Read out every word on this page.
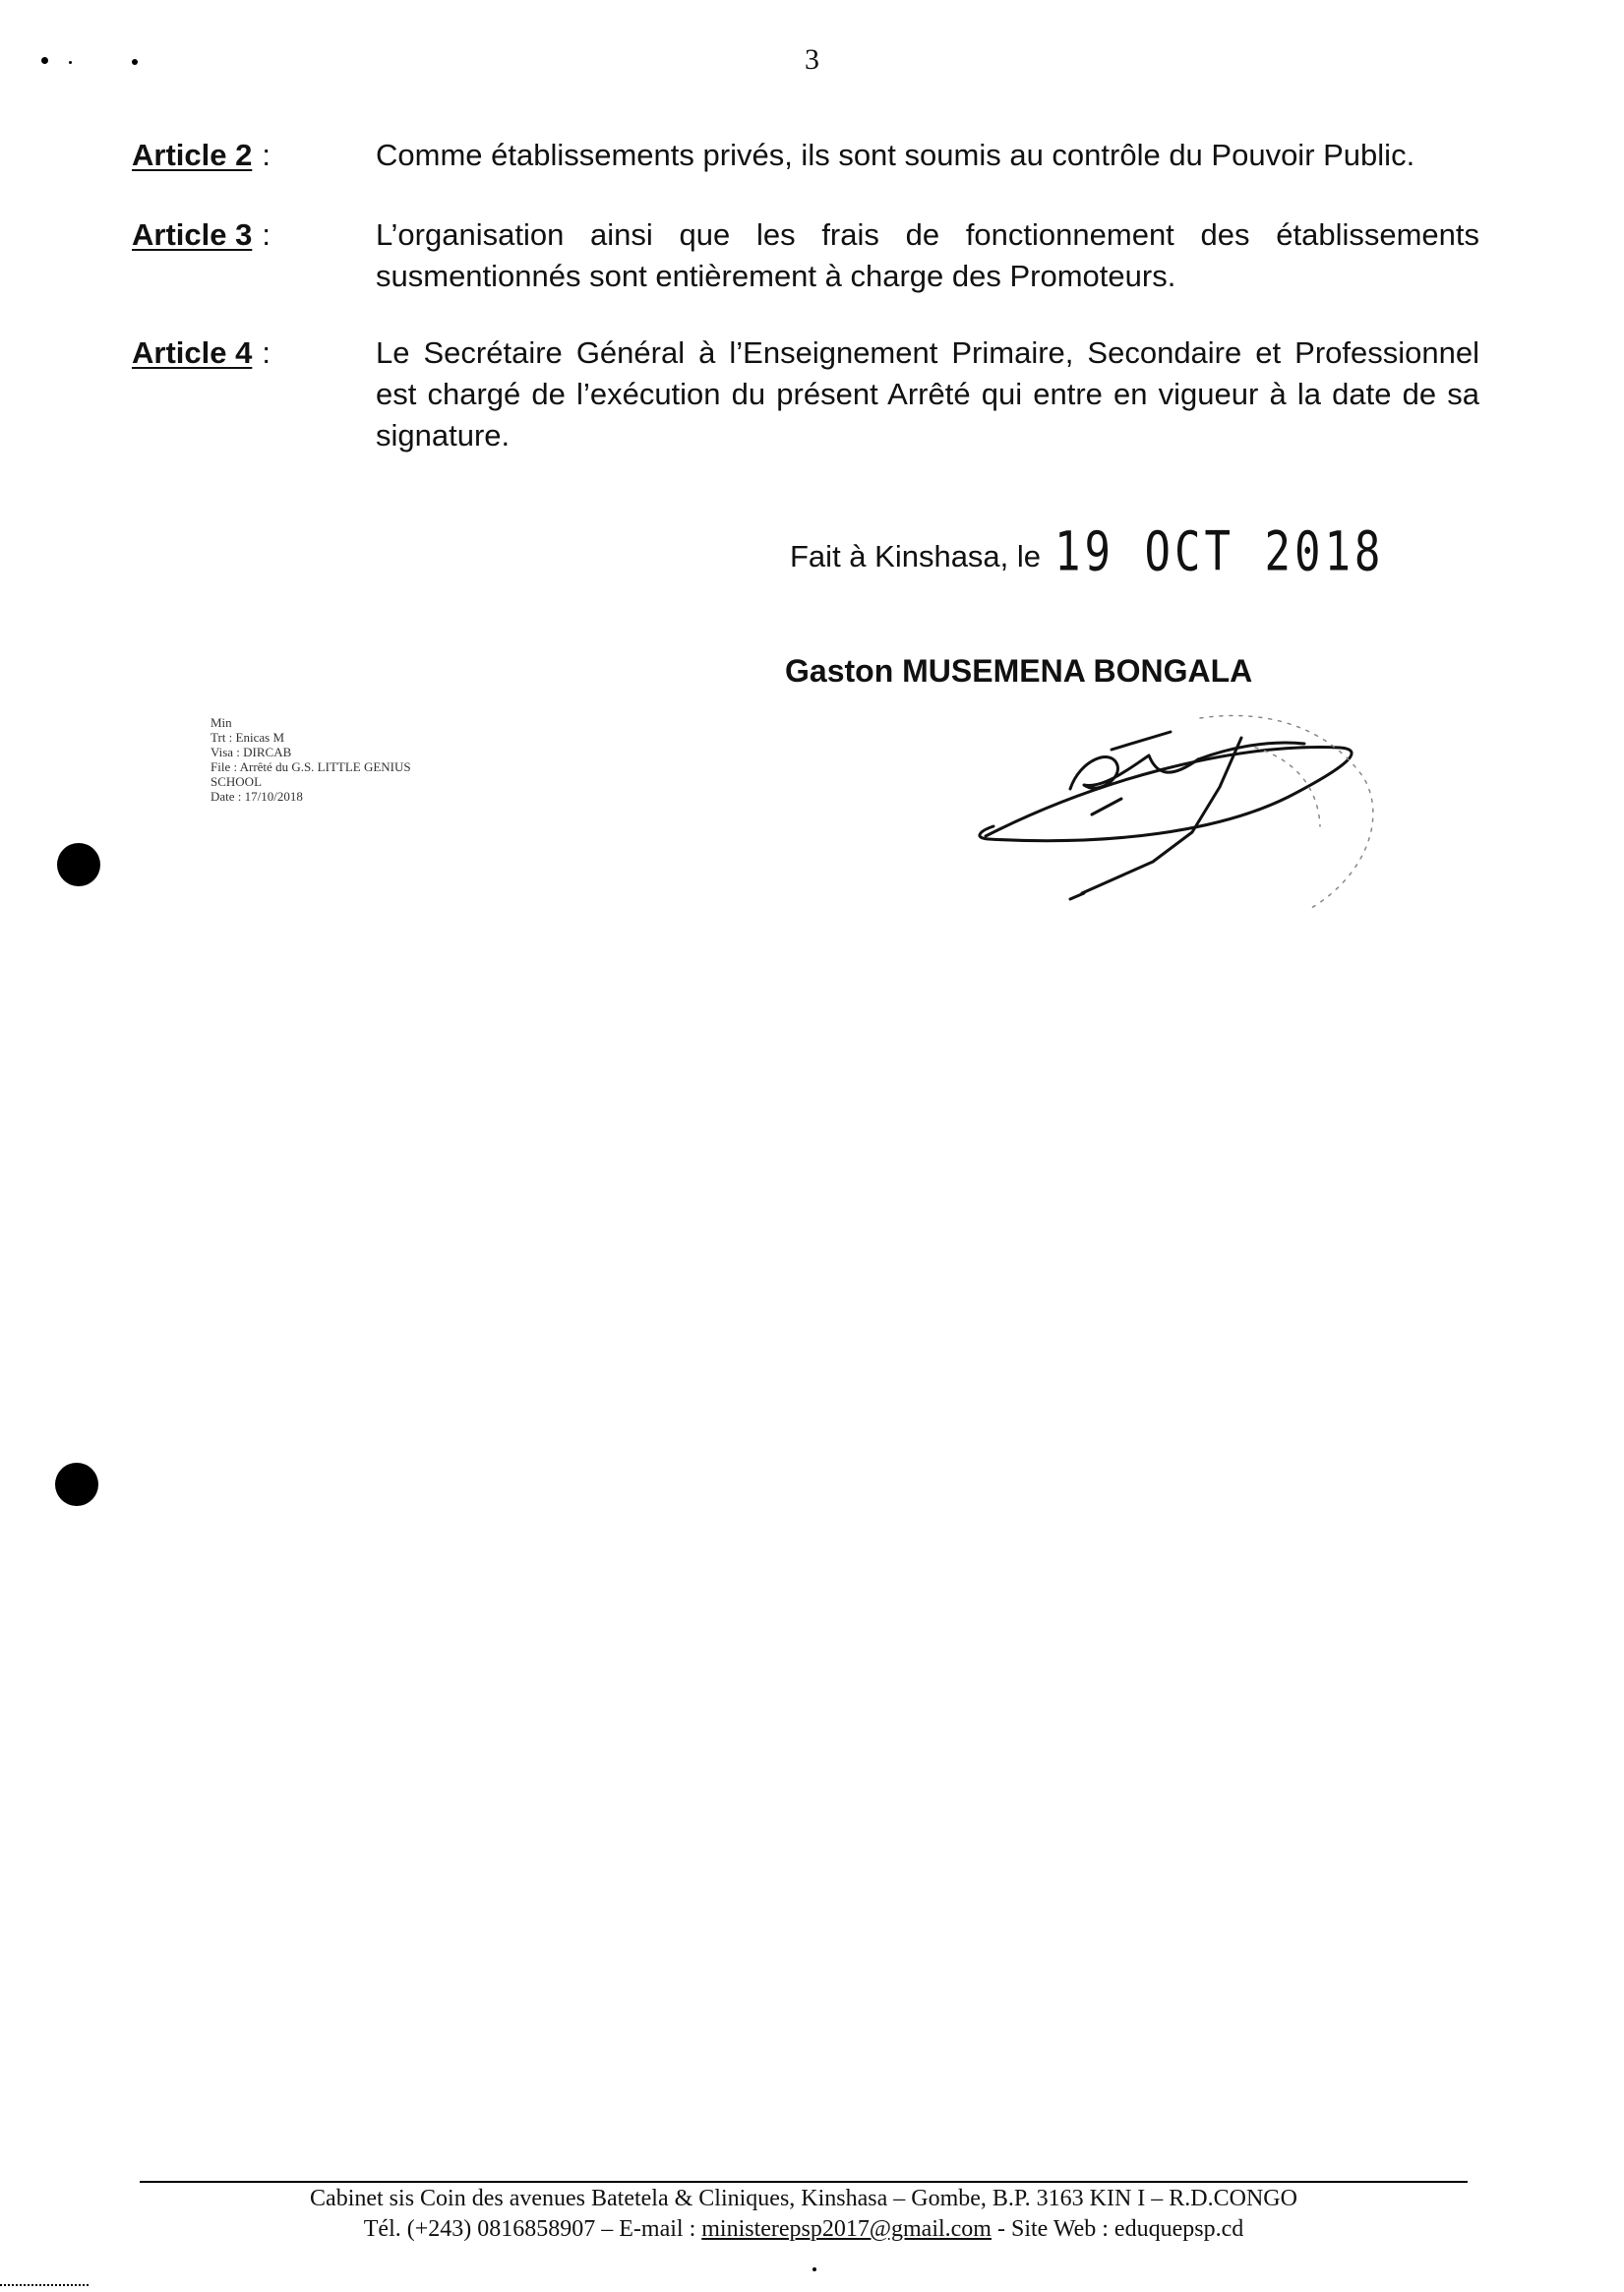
3
Article 2 :	Comme établissements privés, ils sont soumis au contrôle du Pouvoir Public.
Article 3 :	L’organisation ainsi que les frais de fonctionnement des établissements susmentionnés sont entièrement à charge des Promoteurs.
Article 4 :	Le Secrétaire Général à l’Enseignement Primaire, Secondaire et Professionnel est chargé de l’exécution du présent Arrêté qui entre en vigueur à la date de sa signature.
Fait à Kinshasa, le 19 OCT 2018
Gaston MUSEMENA BONGALA
Min
Trt : Enicas M
Visa : DIRCAB
File : Arrêté du G.S. LITTLE GENIUS
SCHOOL
Date : 17/10/2018
Cabinet sis Coin des avenues Batetela & Cliniques, Kinshasa – Gombe, B.P. 3163 KIN I – R.D.CONGO
Tél. (+243) 0816858907 – E-mail : ministerepsp2017@gmail.com - Site Web : eduquepsp.cd
